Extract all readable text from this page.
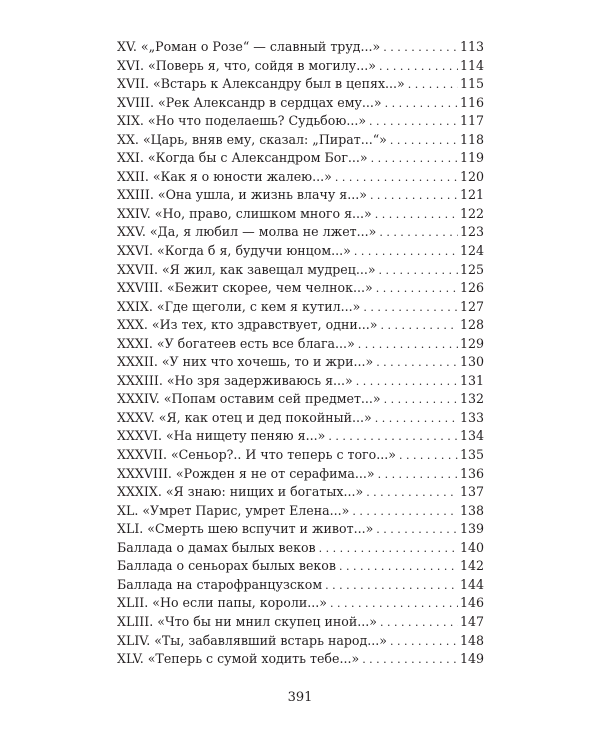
XV. «„Роман о Розе“ — славный труд...» . . .	113
XVI. «Поверь я, что, сойдя в могилу...» . . .	114
XVII. «Встарь к Александру был в цепях...» . . .	115
XVIII. «Рек Александр в сердцах ему...» . . .	116
XIX. «Но что поделаешь? Судьбою...» . . .	117
XX. «Царь, вняв ему, сказал: „Пират...“» . . .	118
XXI. «Когда бы с Александром Бог...» . . .	119
XXII. «Как я о юности жалею...» . . .	120
XXIII. «Она ушла, и жизнь влачу я...» . . .	121
XXIV. «Но, право, слишком много я...» . . .	122
XXV. «Да, я любил — молва не лжет...» . . .	123
XXVI. «Когда б я, будучи юнцом...» . . .	124
XXVII. «Я жил, как завещал мудрец...» . . .	125
XXVIII. «Бежит скорее, чем челнок...» . . .	126
XXIX. «Где щеголи, с кем я кутил...» . . .	127
XXX. «Из тех, кто здравствует, одни...» . . .	128
XXXI. «У богатеев есть все блага...» . . .	129
XXXII. «У них что хочешь, то и жри...» . . .	130
XXXIII. «Но зря задерживаюсь я...» . . .	131
XXXIV. «Попам оставим сей предмет...» . . .	132
XXXV. «Я, как отец и дед покойный...» . . .	133
XXXVI. «На нищету пеняю я...» . . .	134
XXXVII. «Сеньор?.. И что теперь с того...» . . .	135
XXXVIII. «Рожден я не от серафима...» . . .	136
XXXIX. «Я знаю: нищих и богатых...» . . .	137
XL. «Умрет Парис, умрет Елена...» . . .	138
XLI. «Смерть шею вспучит и живот...» . . .	139
Баллада о дамах былых веков . . .	140
Баллада о сеньорах былых веков . . .	142
Баллада на старофранцузском . . .	144
XLII. «Но если папы, короли...» . . .	146
XLIII. «Что бы ни мнил скупец иной...» . . .	147
XLIV. «Ты, забавлявший встарь народ...» . . .	148
XLV. «Теперь с сумой ходить тебе...» . . .	149
391
